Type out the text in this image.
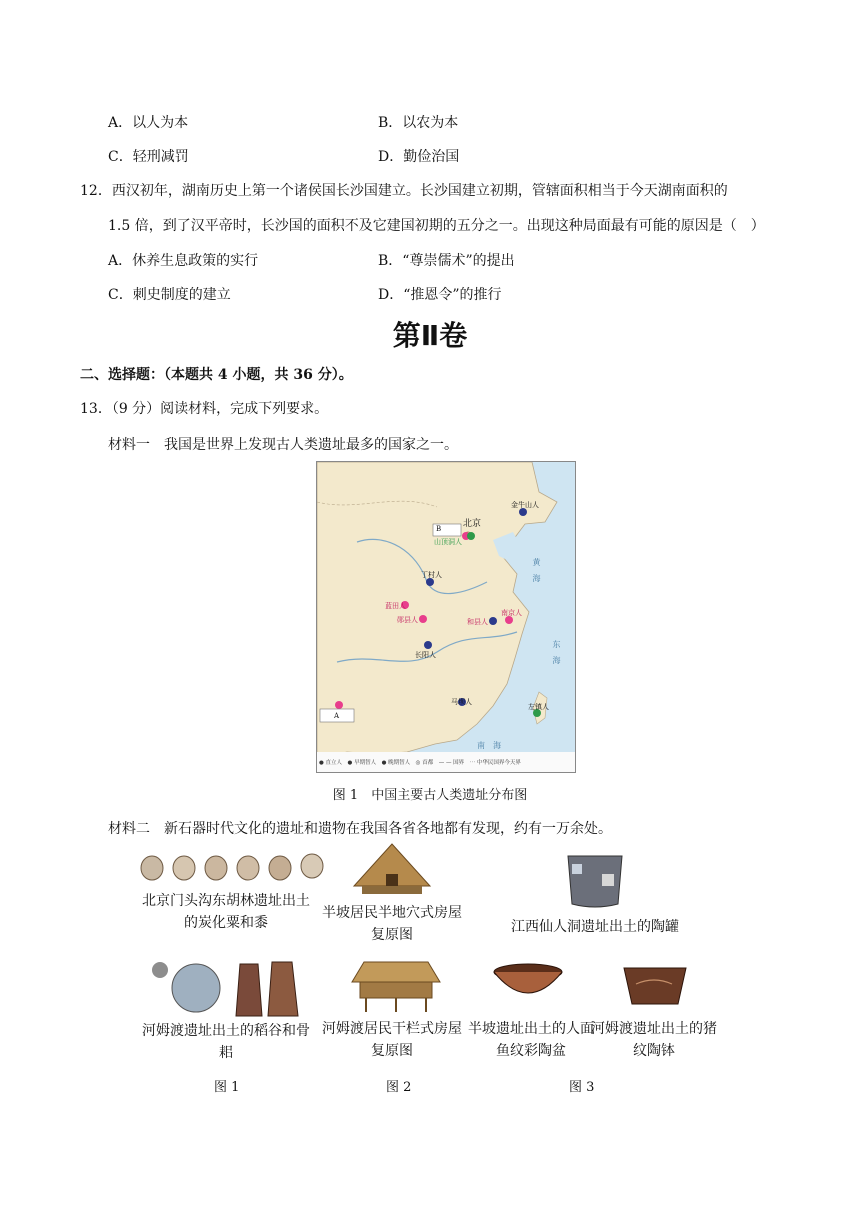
A．以人为本	B．以农为本
C．轻刑减罚	D．勤俭治国
12．西汉初年，湖南历史上第一个诸侯国长沙国建立。长沙国建立初期，管辖面积相当于今天湖南面积的
1.5 倍，到了汉平帝时，长沙国的面积不及它建国初期的五分之一。出现这种局面最有可能的原因是（　）
A．休养生息政策的实行	B．“尊崇儒术”的提出
C．刺史制度的建立	D．“推恩令”的推行
第Ⅱ卷
二、选择题：（本题共 4 小题，共 36 分）。
13．（9 分）阅读材料，完成下列要求。
材料一　我国是世界上发现古人类遗址最多的国家之一。
北京
B
山顶洞人
金牛山人
丁村人
蓝田人
郧县人	和县人
南京人
长阳人
马坝人
左镇人
A
黄　海
东　海
南　海
● 直立人　● 早期智人　● 晚期智人　◎ 首都　— — 国界　⋯ 中华民国界今天界
图 1　中国主要古人类遗址分布图
材料二　新石器时代文化的遗址和遗物在我国各省各地都有发现，约有一万余处。
北京门头沟东胡林遗址出土的炭化粟和黍
半坡居民半地穴式房屋复原图	江西仙人洞遗址出土的陶罐
河姆渡遗址出土的稻谷和骨耜
河姆渡居民干栏式房屋复原图
半坡遗址出土的人面鱼纹彩陶盆
河姆渡遗址出土的猪纹陶钵
图 1	图 2	图 3
